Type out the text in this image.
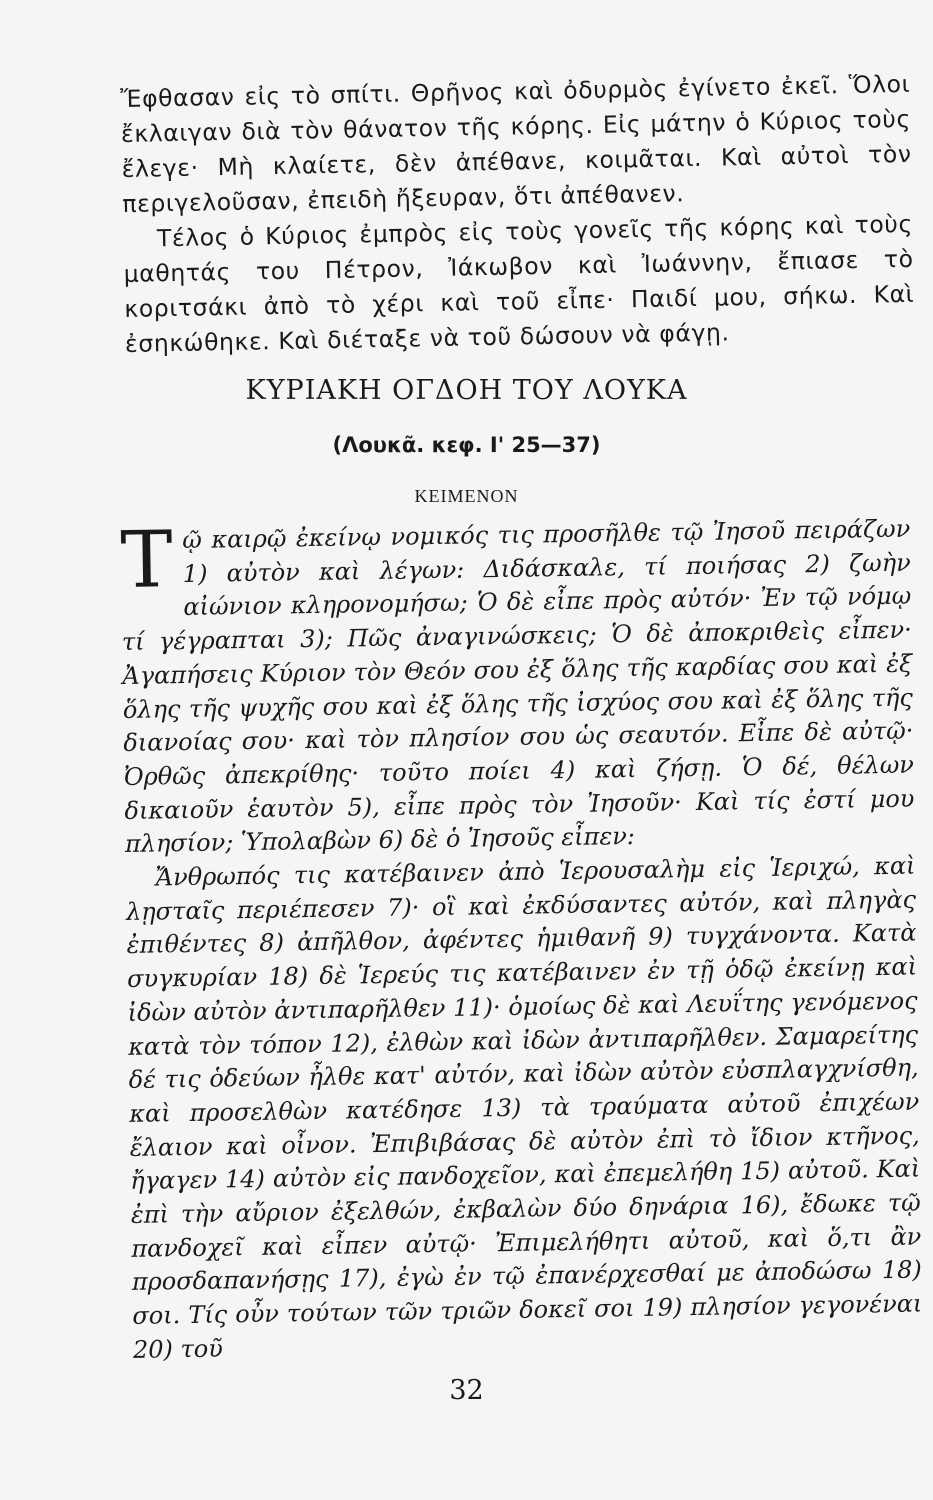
Ἔφθασαν εἰς τὸ σπίτι. Θρῆνος καὶ ὀδυρμὸς ἐγίνετο ἐκεῖ. Ὅλοι ἔκλαιγαν διὰ τὸν θάνατον τῆς κόρης. Εἰς μάτην ὁ Κύριος τοὺς ἔλεγε· Μὴ κλαίετε, δὲν ἀπέθανε, κοιμᾶται. Καὶ αὐτοὶ τὸν περιγελοῦσαν, ἐπειδὴ ἤξευραν, ὅτι ἀπέθανεν.

Τέλος ὁ Κύριος ἐμπρὸς εἰς τοὺς γονεῖς τῆς κόρης καὶ τοὺς μαθητάς του Πέτρον, Ἰάκωβον καὶ Ἰωάννην, ἔπιασε τὸ κοριτσάκι ἀπὸ τὸ χέρι καὶ τοῦ εἶπε· Παιδί μου, σήκω. Καὶ ἐσηκώθηκε. Καὶ διέταξε νὰ τοῦ δώσουν νὰ φάγῃ.

ΚΥΡΙΑΚΗ ΟΓΔΟΗ ΤΟΥ ΛΟΥΚΑ
(Λουκᾶ. κεφ. Ι' 25—37)
ΚΕΙΜΕΝΟΝ

Τῷ καιρῷ ἐκείνῳ νομικός τις προσῆλθε τῷ Ἰησοῦ πειράζων 1) αὐτὸν καὶ λέγων: Διδάσκαλε, τί ποιήσας 2) ζωὴν αἰώνιον κληρονομήσω; Ὁ δὲ εἶπε πρὸς αὐτόν· Ἐν τῷ νόμῳ τί γέγραπται 3); Πῶς ἀναγινώσκεις; Ὁ δὲ ἀποκριθεὶς εἶπεν· Ἀγαπήσεις Κύριον τὸν Θεόν σου ἐξ ὅλης τῆς καρδίας σου καὶ ἐξ ὅλης τῆς ψυχῆς σου καὶ ἐξ ὅλης τῆς ἰσχύος σου καὶ ἐξ ὅλης τῆς διανοίας σου· καὶ τὸν πλησίον σου ὡς σεαυτόν. Εἶπε δὲ αὐτῷ· Ὀρθῶς ἀπεκρίθης· τοῦτο ποίει 4) καὶ ζήσῃ. Ὁ δέ, θέλων δικαιοῦν ἑαυτὸν 5), εἶπε πρὸς τὸν Ἰησοῦν· Καὶ τίς ἐστί μου πλησίον; Ὑπολαβὼν 6) δὲ ὁ Ἰησοῦς εἶπεν:

Ἄνθρωπός τις κατέβαινεν ἀπὸ Ἱερουσαλὴμ εἰς Ἱεριχώ, καὶ λῃσταῖς περιέπεσεν 7)· οἳ καὶ ἐκδύσαντες αὐτόν, καὶ πληγὰς ἐπιθέντες 8) ἀπῆλθον, ἀφέντες ἡμιθανῆ 9) τυγχάνοντα. Κατὰ συγκυρίαν 18) δὲ Ἱερεύς τις κατέβαινεν ἐν τῇ ὁδῷ ἐκείνῃ καὶ ἰδὼν αὐτὸν ἀντιπαρῆλθεν 11)· ὁμοίως δὲ καὶ Λευΐτης γενόμενος κατὰ τὸν τόπον 12), ἐλθὼν καὶ ἰδὼν ἀντιπαρῆλθεν. Σαμαρείτης δέ τις ὁδεύων ἦλθε κατ' αὐτόν, καὶ ἰδὼν αὐτὸν εὐσπλαγχνίσθη, καὶ προσελθὼν κατέδησε 13) τὰ τραύματα αὐτοῦ ἐπιχέων ἔλαιον καὶ οἶνον. Ἐπιβιβάσας δὲ αὐτὸν ἐπὶ τὸ ἴδιον κτῆνος, ἤγαγεν 14) αὐτὸν εἰς πανδοχεῖον, καὶ ἐπεμελήθη 15) αὐτοῦ. Καὶ ἐπὶ τὴν αὔριον ἐξελθών, ἐκβαλὼν δύο δηνάρια 16), ἔδωκε τῷ πανδοχεῖ καὶ εἶπεν αὐτῷ· Ἐπιμελήθητι αὐτοῦ, καὶ ὅ,τι ἂν προσδαπανήσῃς 17), ἐγὼ ἐν τῷ ἐπανέρχεσθαί με ἀποδώσω 18) σοι. Τίς οὖν τούτων τῶν τριῶν δοκεῖ σοι 19) πλησίον γεγονέναι 20) τοῦ

32
